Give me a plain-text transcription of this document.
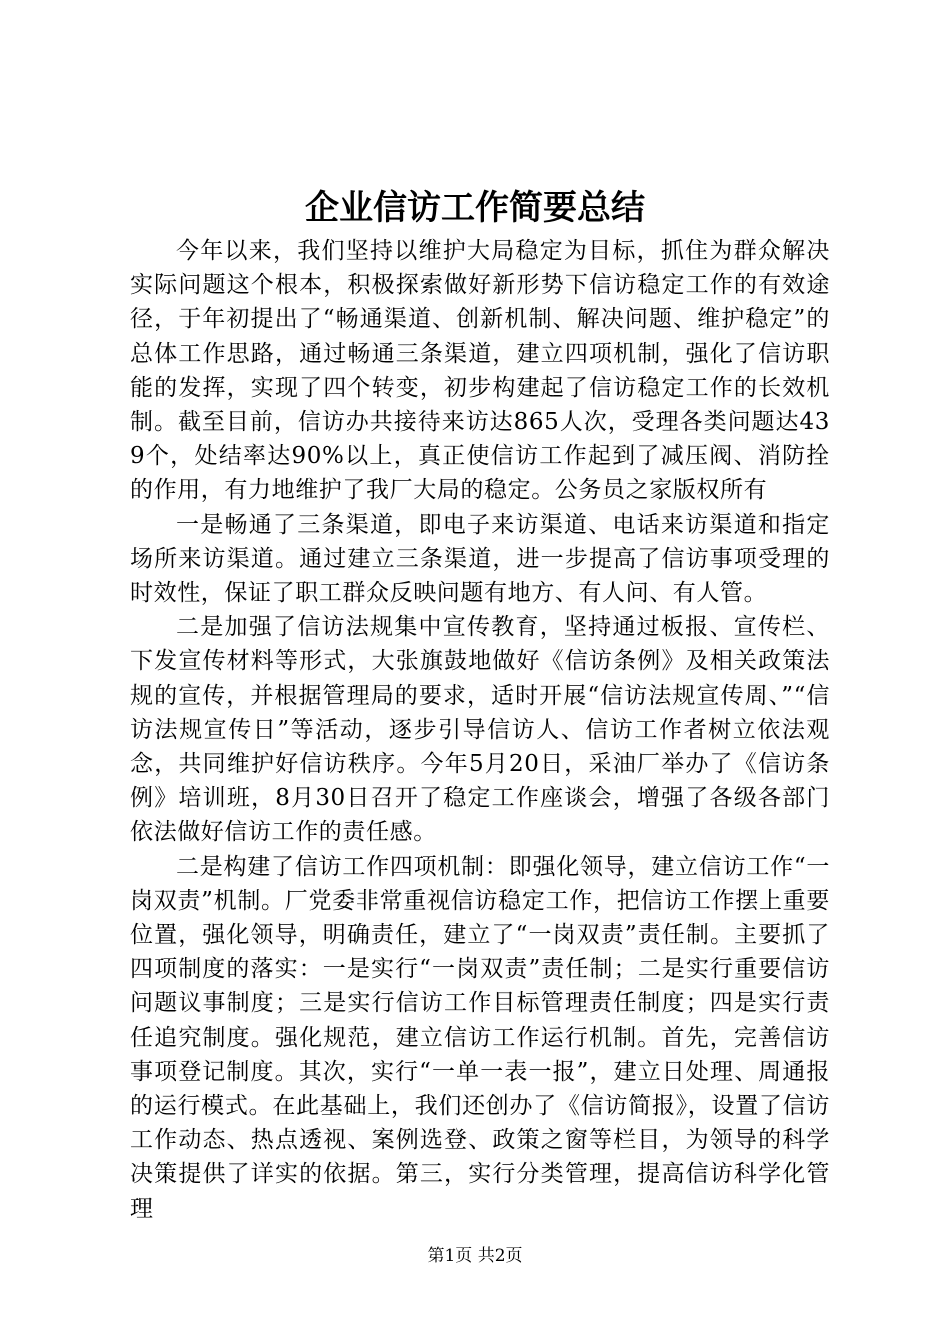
企业信访工作简要总结

今年以来，我们坚持以维护大局稳定为目标，抓住为群众解决实际问题这个根本，积极探索做好新形势下信访稳定工作的有效途径，于年初提出了“畅通渠道、创新机制、解决问题、维护稳定”的总体工作思路，通过畅通三条渠道，建立四项机制，强化了信访职能的发挥，实现了四个转变，初步构建起了信访稳定工作的长效机制。截至目前，信访办共接待来访达865人次，受理各类问题达439个，处结率达90%以上，真正使信访工作起到了减压阀、消防拴的作用，有力地维护了我厂大局的稳定。公务员之家版权所有

一是畅通了三条渠道，即电子来访渠道、电话来访渠道和指定场所来访渠道。通过建立三条渠道，进一步提高了信访事项受理的时效性，保证了职工群众反映问题有地方、有人问、有人管。

二是加强了信访法规集中宣传教育，坚持通过板报、宣传栏、下发宣传材料等形式，大张旗鼓地做好《信访条例》及相关政策法规的宣传，并根据管理局的要求，适时开展“信访法规宣传周、”“信访法规宣传日”等活动，逐步引导信访人、信访工作者树立依法观念，共同维护好信访秩序。今年5月20日，采油厂举办了《信访条例》培训班，8月30日召开了稳定工作座谈会，增强了各级各部门依法做好信访工作的责任感。

二是构建了信访工作四项机制：即强化领导，建立信访工作“一岗双责”机制。厂党委非常重视信访稳定工作，把信访工作摆上重要位置，强化领导，明确责任，建立了“一岗双责”责任制。主要抓了四项制度的落实：一是实行“一岗双责”责任制；二是实行重要信访问题议事制度；三是实行信访工作目标管理责任制度；四是实行责任追究制度。强化规范，建立信访工作运行机制。首先，完善信访事项登记制度。其次，实行“一单一表一报”，建立日处理、周通报的运行模式。在此基础上，我们还创办了《信访简报》，设置了信访工作动态、热点透视、案例选登、政策之窗等栏目，为领导的科学决策提供了详实的依据。第三，实行分类管理，提高信访科学化管理

第1页 共2页
